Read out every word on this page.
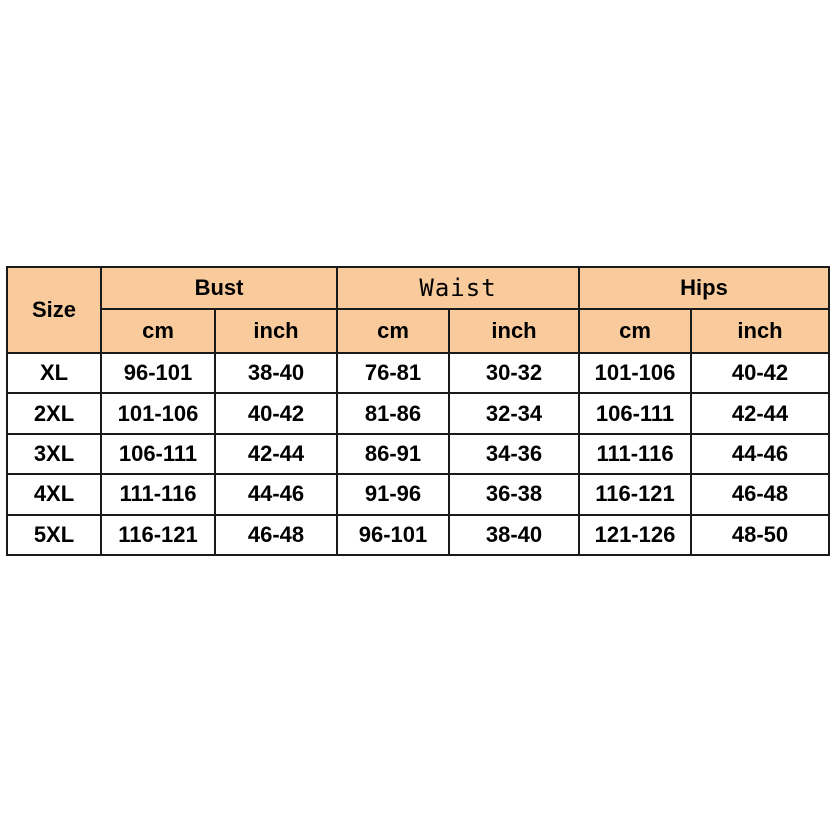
Size	Bust		Waist		Hips	
	cm	inch	cm	inch	cm	inch
XL	96-101	38-40	76-81	30-32	101-106	40-42
2XL	101-106	40-42	81-86	32-34	106-111	42-44
3XL	106-111	42-44	86-91	34-36	111-116	44-46
4XL	111-116	44-46	91-96	36-38	116-121	46-48
5XL	116-121	46-48	96-101	38-40	121-126	48-50
